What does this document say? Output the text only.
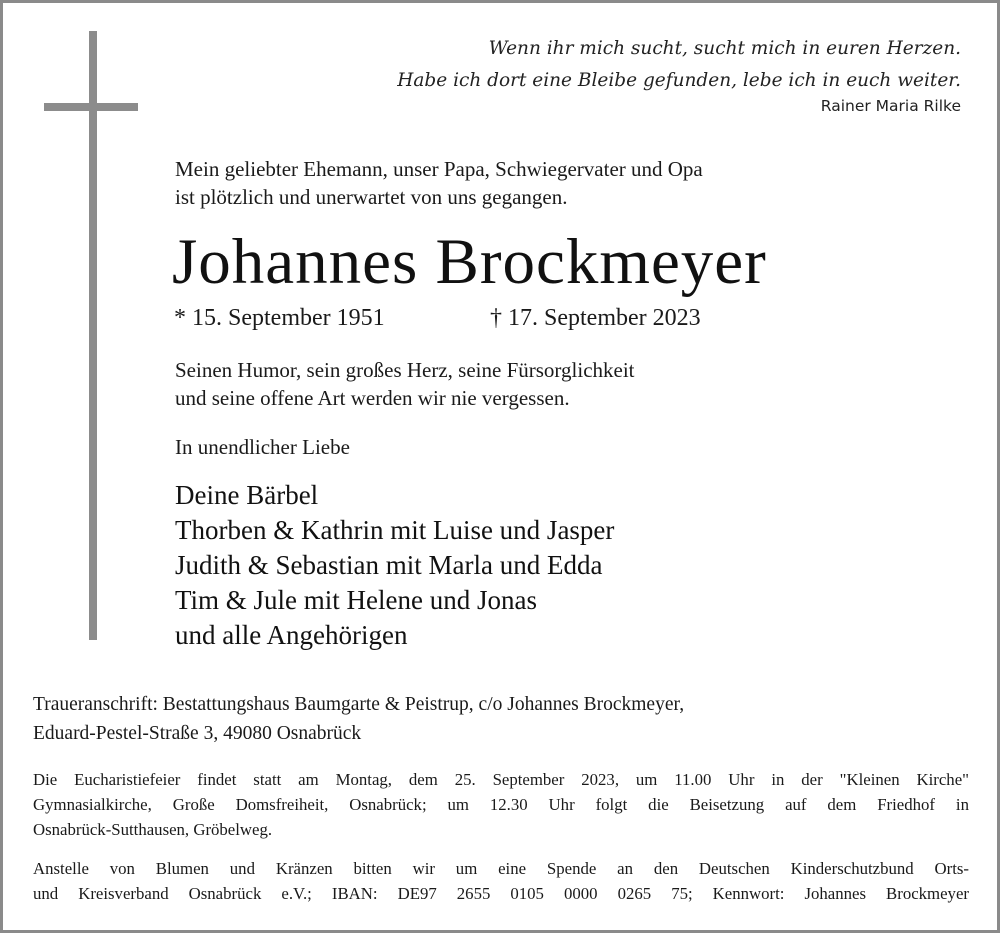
Wenn ihr mich sucht, sucht mich in euren Herzen.
Habe ich dort eine Bleibe gefunden, lebe ich in euch weiter.
Rainer Maria Rilke
Mein geliebter Ehemann, unser Papa, Schwiegervater und Opa
ist plötzlich und unerwartet von uns gegangen.
Johannes Brockmeyer
* 15. September 1951	† 17. September 2023
Seinen Humor, sein großes Herz, seine Fürsorglichkeit
und seine offene Art werden wir nie vergessen.
In unendlicher Liebe
Deine Bärbel
Thorben & Kathrin mit Luise und Jasper
Judith & Sebastian mit Marla und Edda
Tim & Jule mit Helene und Jonas
und alle Angehörigen
Traueranschrift: Bestattungshaus Baumgarte & Peistrup, c/o Johannes Brockmeyer,
Eduard-Pestel-Straße 3, 49080 Osnabrück
Die Eucharistiefeier findet statt am Montag, dem 25. September 2023, um 11.00 Uhr in der "Kleinen Kirche"
Gymnasialkirche, Große Domsfreiheit, Osnabrück; um 12.30 Uhr folgt die Beisetzung auf dem Friedhof in
Osnabrück-Sutthausen, Gröbelweg.
Anstelle von Blumen und Kränzen bitten wir um eine Spende an den Deutschen Kinderschutzbund Orts-
und Kreisverband Osnabrück e.V.; IBAN: DE97 2655 0105 0000 0265 75; Kennwort: Johannes Brockmeyer
